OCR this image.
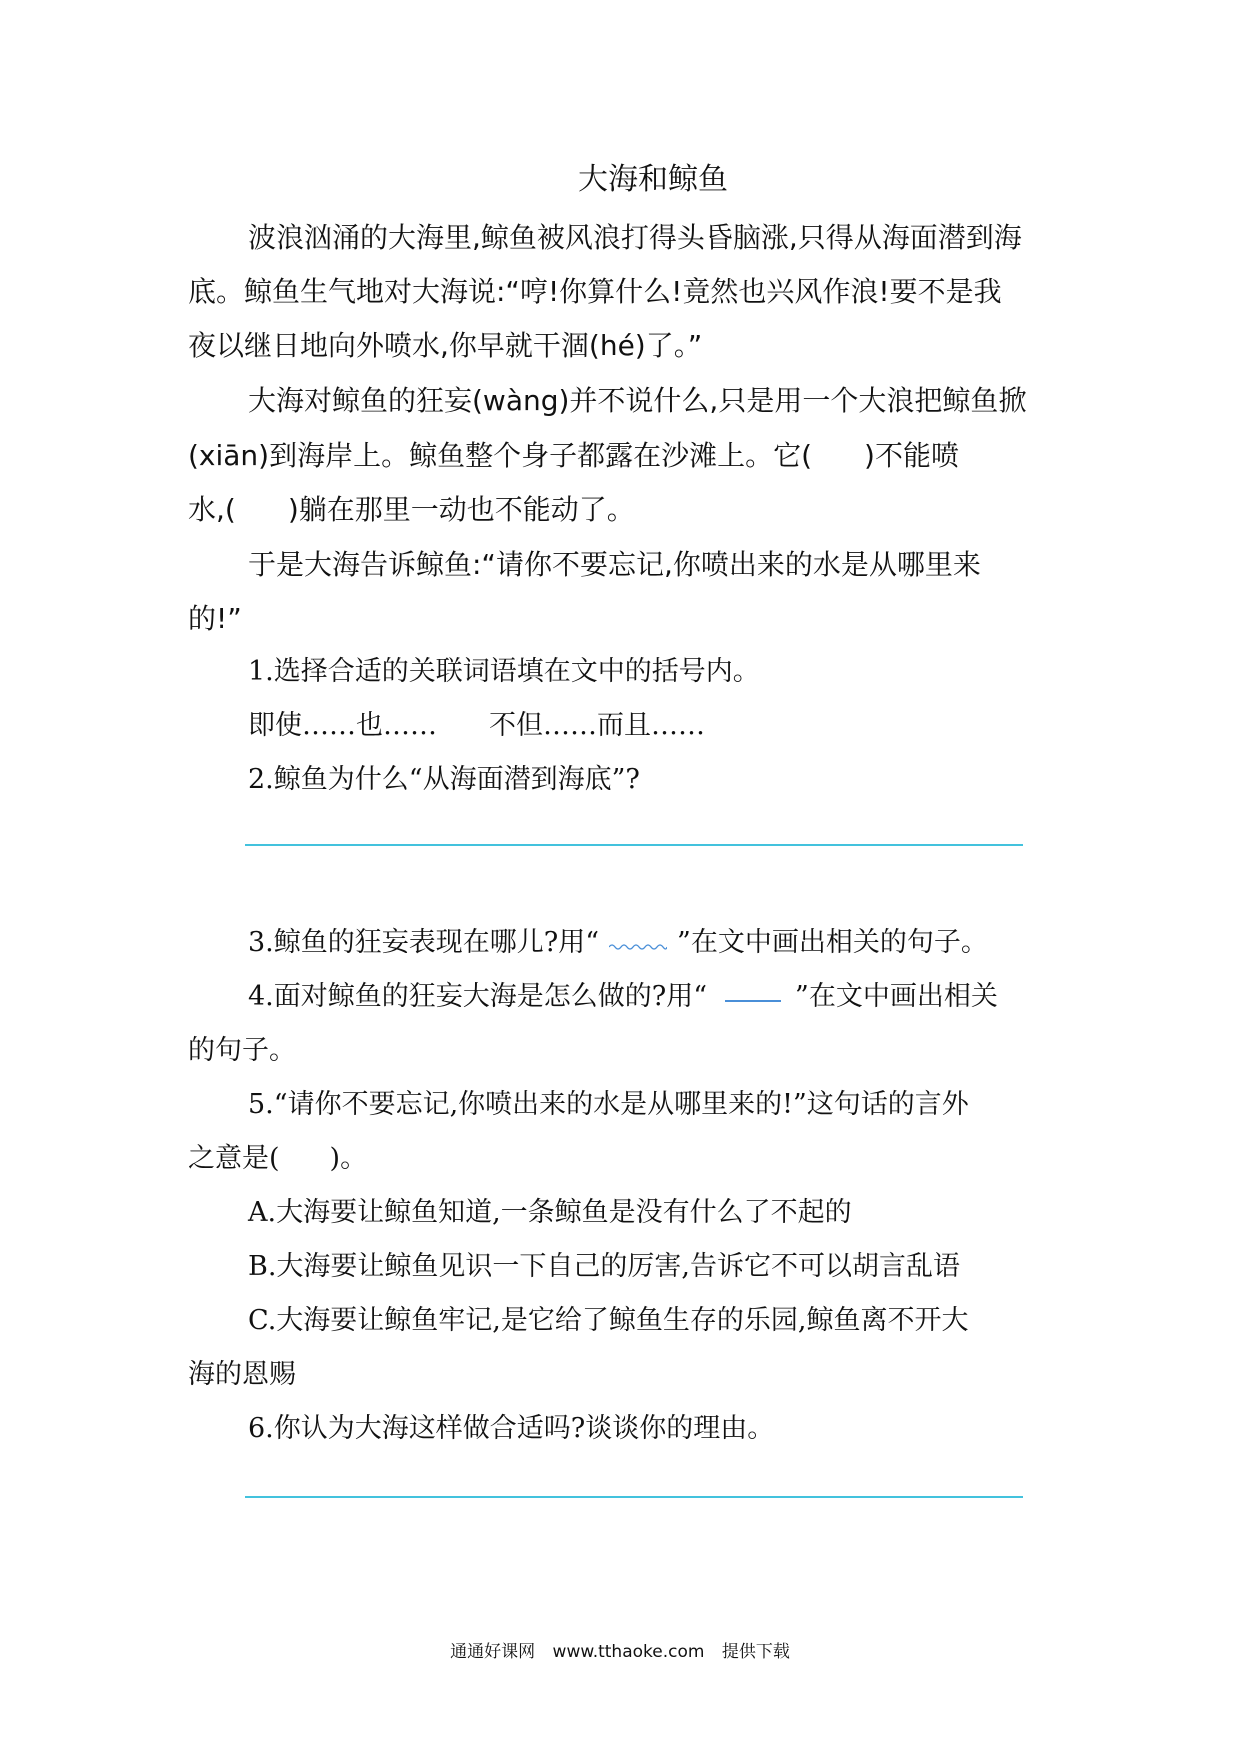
大海和鲸鱼
波浪汹涌的大海里,鲸鱼被风浪打得头昏脑涨,只得从海面潜到海
底。鲸鱼生气地对大海说:“哼!你算什么!竟然也兴风作浪!要不是我
夜以继日地向外喷水,你早就干涸(hé)了。”
大海对鲸鱼的狂妄(wàng)并不说什么,只是用一个大浪把鲸鱼掀
(xiān)到海岸上。鲸鱼整个身子都露在沙滩上。它( )不能喷
水,( )躺在那里一动也不能动了。
于是大海告诉鲸鱼:“请你不要忘记,你喷出来的水是从哪里来
的!”
1.选择合适的关联词语填在文中的括号内。
即使……也…… 不但……而且……
2.鲸鱼为什么“从海面潜到海底”?
3.鲸鱼的狂妄表现在哪儿?用“	”在文中画出相关的句子。
4.面对鲸鱼的狂妄大海是怎么做的?用“	”在文中画出相关
的句子。
5.“请你不要忘记,你喷出来的水是从哪里来的!”这句话的言外
之意是( )。
A.大海要让鲸鱼知道,一条鲸鱼是没有什么了不起的
B.大海要让鲸鱼见识一下自己的厉害,告诉它不可以胡言乱语
C.大海要让鲸鱼牢记,是它给了鲸鱼生存的乐园,鲸鱼离不开大
海的恩赐
6.你认为大海这样做合适吗?谈谈你的理由。
通通好课网 www.tthaoke.com 提供下载
